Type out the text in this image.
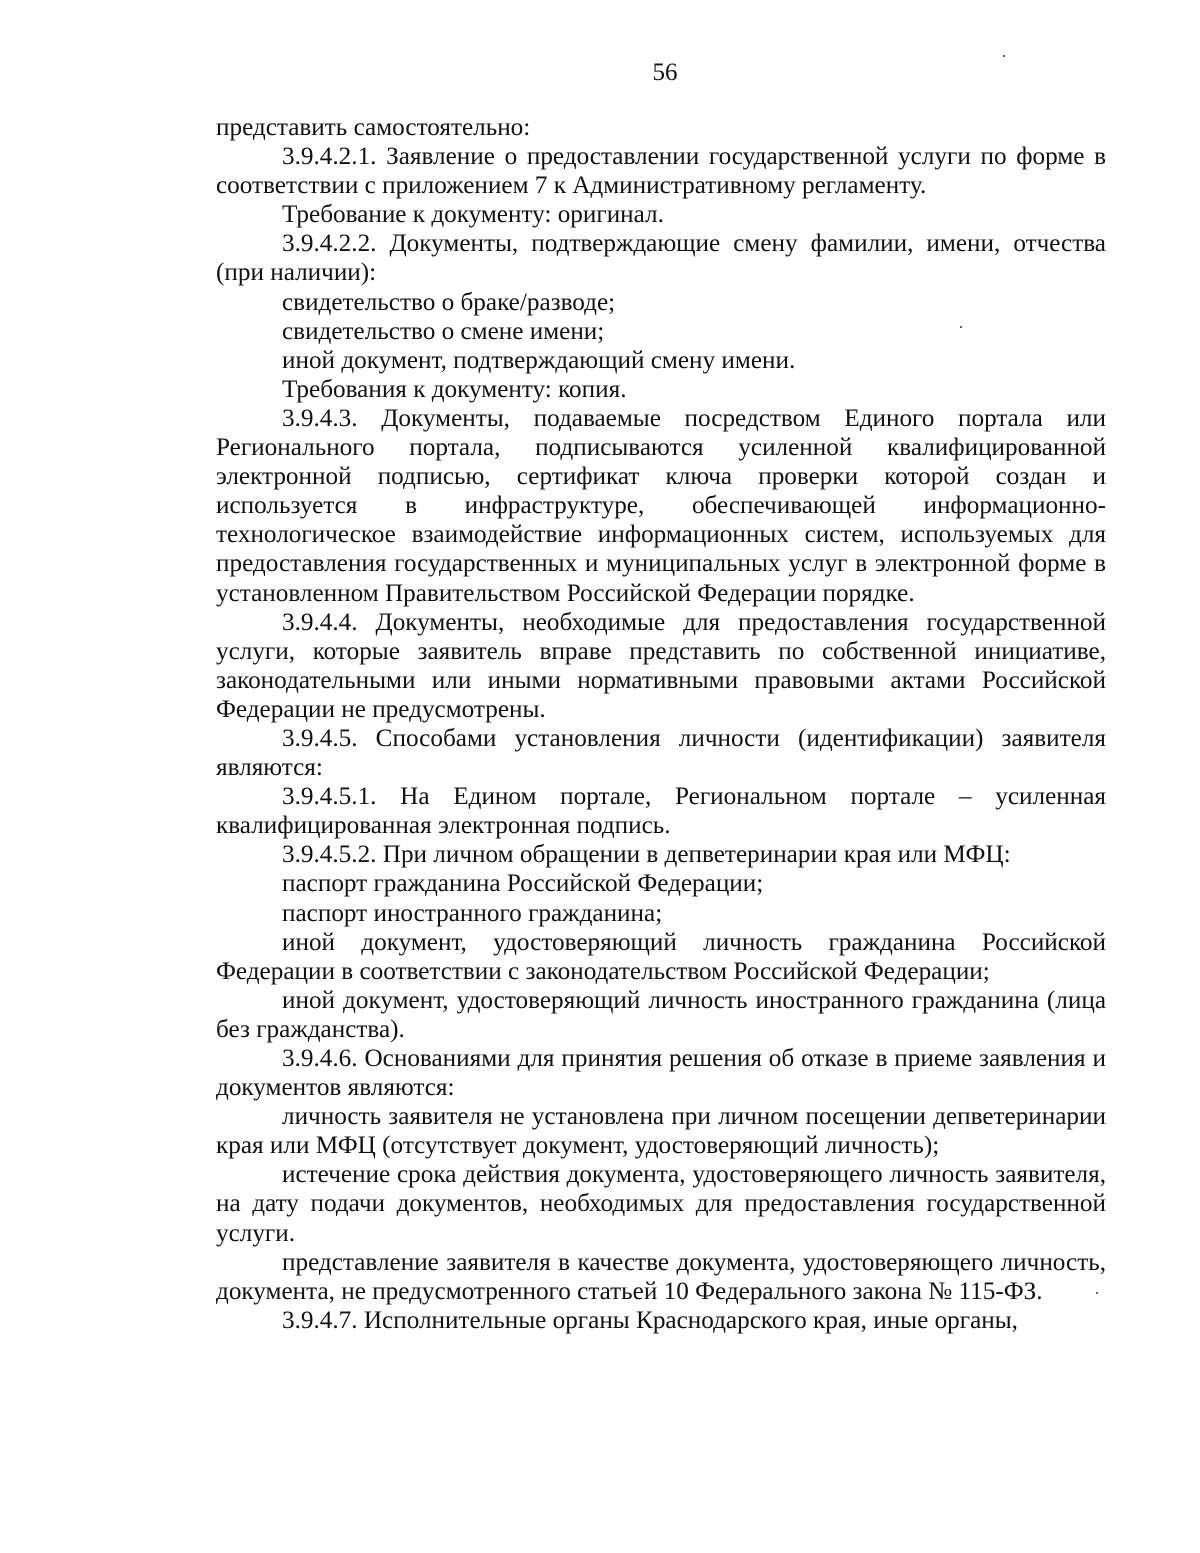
56

представить самостоятельно:

3.9.4.2.1. Заявление о предоставлении государственной услуги по форме в соответствии с приложением 7 к Административному регламенту.

Требование к документу: оригинал.

3.9.4.2.2. Документы, подтверждающие смену фамилии, имени, отчества (при наличии):

свидетельство о браке/разводе;

свидетельство о смене имени;

иной документ, подтверждающий смену имени.

Требования к документу: копия.

3.9.4.3. Документы, подаваемые посредством Единого портала или Регионального портала, подписываются усиленной квалифицированной электронной подписью, сертификат ключа проверки которой создан и используется в инфраструктуре, обеспечивающей информационно-технологическое взаимодействие информационных систем, используемых для предоставления государственных и муниципальных услуг в электронной форме в установленном Правительством Российской Федерации порядке.

3.9.4.4. Документы, необходимые для предоставления государственной услуги, которые заявитель вправе представить по собственной инициативе, законодательными или иными нормативными правовыми актами Российской Федерации не предусмотрены.

3.9.4.5. Способами установления личности (идентификации) заявителя являются:

3.9.4.5.1. На Едином портале, Региональном портале – усиленная квалифицированная электронная подпись.

3.9.4.5.2. При личном обращении в депветеринарии края или МФЦ:

паспорт гражданина Российской Федерации;

паспорт иностранного гражданина;

иной документ, удостоверяющий личность гражданина Российской Федерации в соответствии с законодательством Российской Федерации;

иной документ, удостоверяющий личность иностранного гражданина (лица без гражданства).

3.9.4.6. Основаниями для принятия решения об отказе в приеме заявления и документов являются:

личность заявителя не установлена при личном посещении депветеринарии края или МФЦ (отсутствует документ, удостоверяющий личность);

истечение срока действия документа, удостоверяющего личность заявителя, на дату подачи документов, необходимых для предоставления государственной услуги.

представление заявителя в качестве документа, удостоверяющего личность, документа, не предусмотренного статьей 10 Федерального закона № 115-ФЗ.

3.9.4.7. Исполнительные органы Краснодарского края, иные органы,
